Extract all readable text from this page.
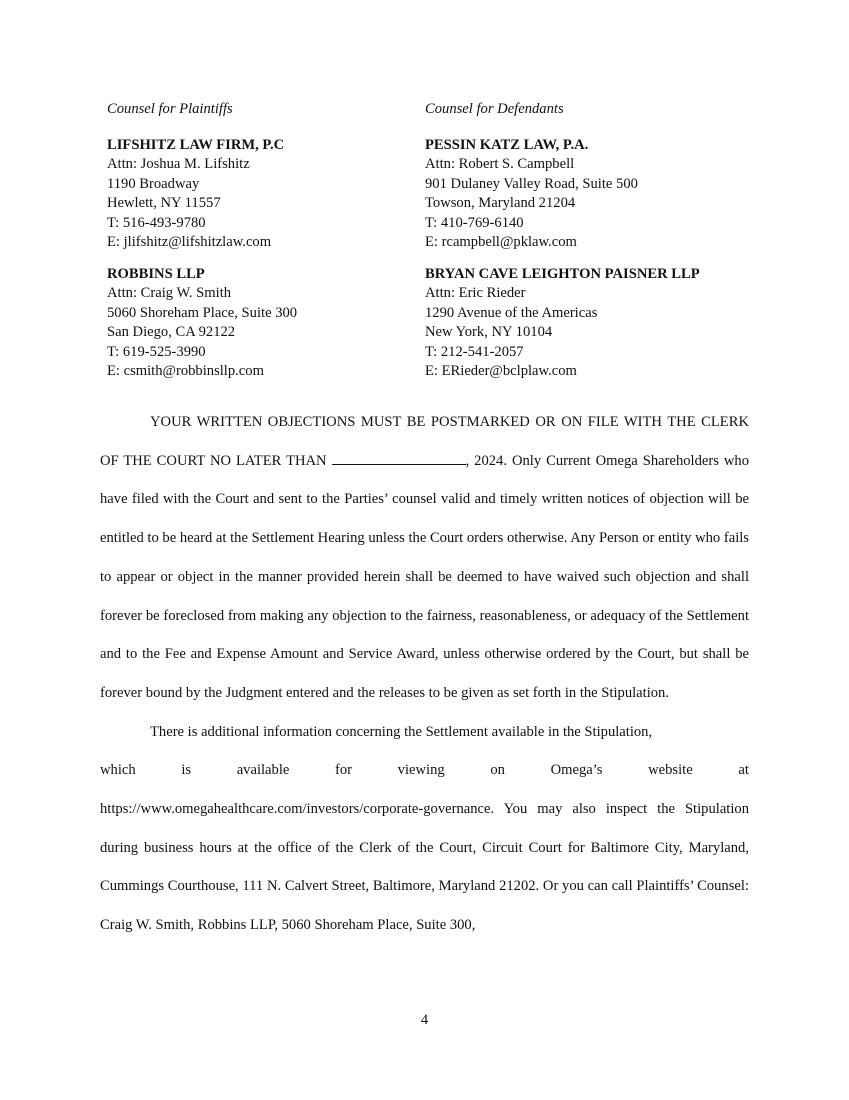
Counsel for Plaintiffs
LIFSHITZ LAW FIRM, P.C
Attn: Joshua M. Lifshitz
1190 Broadway
Hewlett, NY 11557
T: 516-493-9780
E: jlifshitz@lifshitzlaw.com
ROBBINS LLP
Attn: Craig W. Smith
5060 Shoreham Place, Suite 300
San Diego, CA 92122
T: 619-525-3990
E: csmith@robbinsllp.com
Counsel for Defendants
PESSIN KATZ LAW, P.A.
Attn: Robert S. Campbell
901 Dulaney Valley Road, Suite 500
Towson, Maryland 21204
T: 410-769-6140
E: rcampbell@pklaw.com
BRYAN CAVE LEIGHTON PAISNER LLP
Attn: Eric Rieder
1290 Avenue of the Americas
New York, NY 10104
T: 212-541-2057
E: ERieder@bclplaw.com

YOUR WRITTEN OBJECTIONS MUST BE POSTMARKED OR ON FILE WITH THE CLERK OF THE COURT NO LATER THAN	, 2024. Only Current Omega Shareholders who have filed with the Court and sent to the Parties’ counsel valid and timely written notices of objection will be entitled to be heard at the Settlement Hearing unless the Court orders otherwise. Any Person or entity who fails to appear or object in the manner provided herein shall be deemed to have waived such objection and shall forever be foreclosed from making any objection to the fairness, reasonableness, or adequacy of the Settlement and to the Fee and Expense Amount and Service Award, unless otherwise ordered by the Court, but shall be forever bound by the Judgment entered and the releases to be given as set forth in the Stipulation.

There is additional information concerning the Settlement available in the Stipulation,
which	is	available	for	viewing	on	Omega’s	website	at
https://www.omegahealthcare.com/investors/corporate-governance. You may also inspect the Stipulation during business hours at the office of the Clerk of the Court, Circuit Court for Baltimore City, Maryland, Cummings Courthouse, 111 N. Calvert Street, Baltimore, Maryland 21202. Or you can call Plaintiffs’ Counsel: Craig W. Smith, Robbins LLP, 5060 Shoreham Place, Suite 300,

4
